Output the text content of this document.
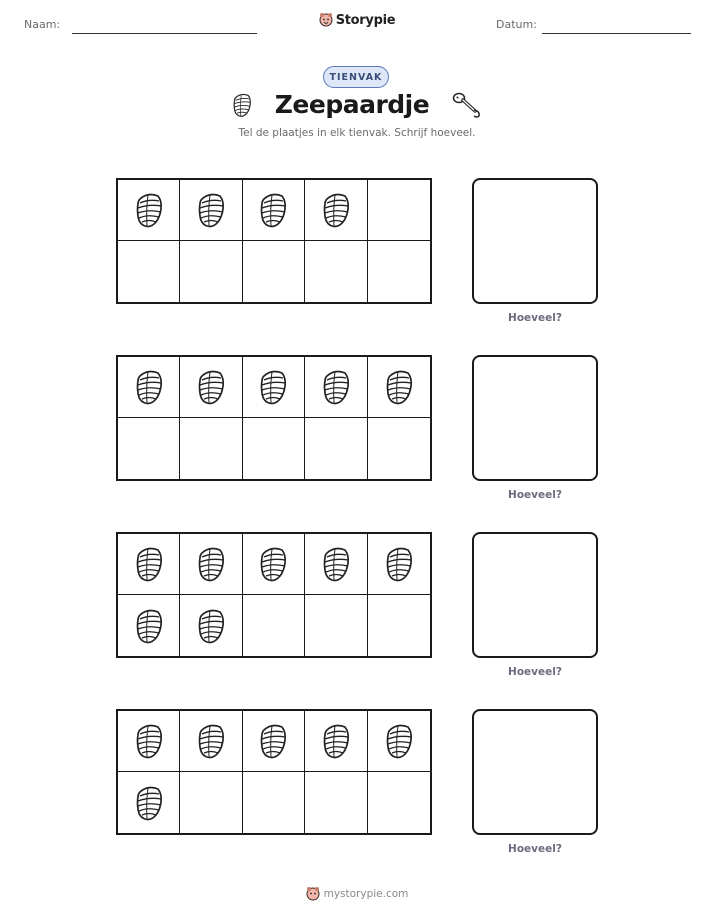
Naam:	Storypie	Datum:
TIENVAK
Zeepaardje
Tel de plaatjes in elk tienvak. Schrijf hoeveel.
Hoeveel?
Hoeveel?
Hoeveel?
Hoeveel?
mystorypie.com
